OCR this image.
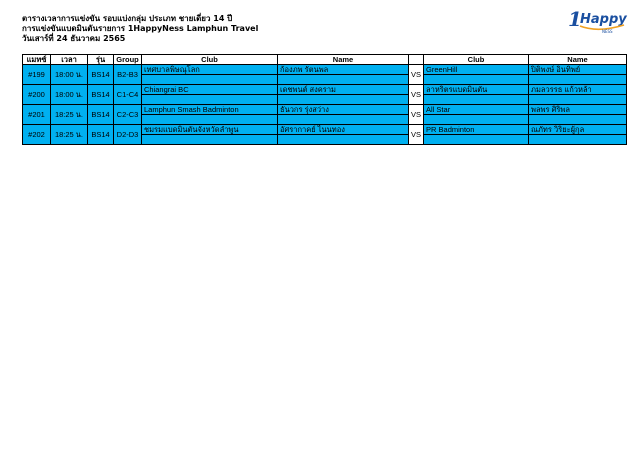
ตารางเวลาการแข่งขัน รอบแบ่งกลุ่ม ประเภท ชายเดี่ยว 14 ปี
การแข่งขันแบดมินตันรายการ 1HappyNess Lamphun Travel
วันเสาร์ที่ 24 ธันวาคม 2565
1
Happy
NESS
แมทซ์	เวลา	รุ่น	Group	Club	Name		Club	Name
#199	18:00 น.	BS14	B2-B3	เทศบาลพิษณุโลก	ก้องภพ รัตนพล	VS	GreenHill	ปิติพงษ์ อินทิพย์

#200	18:00 น.	BS14	C1-C4	Chiangrai BC	เดชพนต์ สงคราม	VS	ลาหริตรแบดมินตัน	ภมลวรรธ แก้วหล้า

#201	18:25 น.	BS14	C2-C3	Lamphun Smash Badminton	ธันวกร รุ่งสว่าง	VS	All Star	พลพร ศิริพล

#202	18:25 น.	BS14	D2-D3	ชมรมแบดมินตันจังหวัดลำพูน	อัศรากาคย์ ไนนทอง	VS	PR Badminton	ณภัทร วิริยะผู้กุล
